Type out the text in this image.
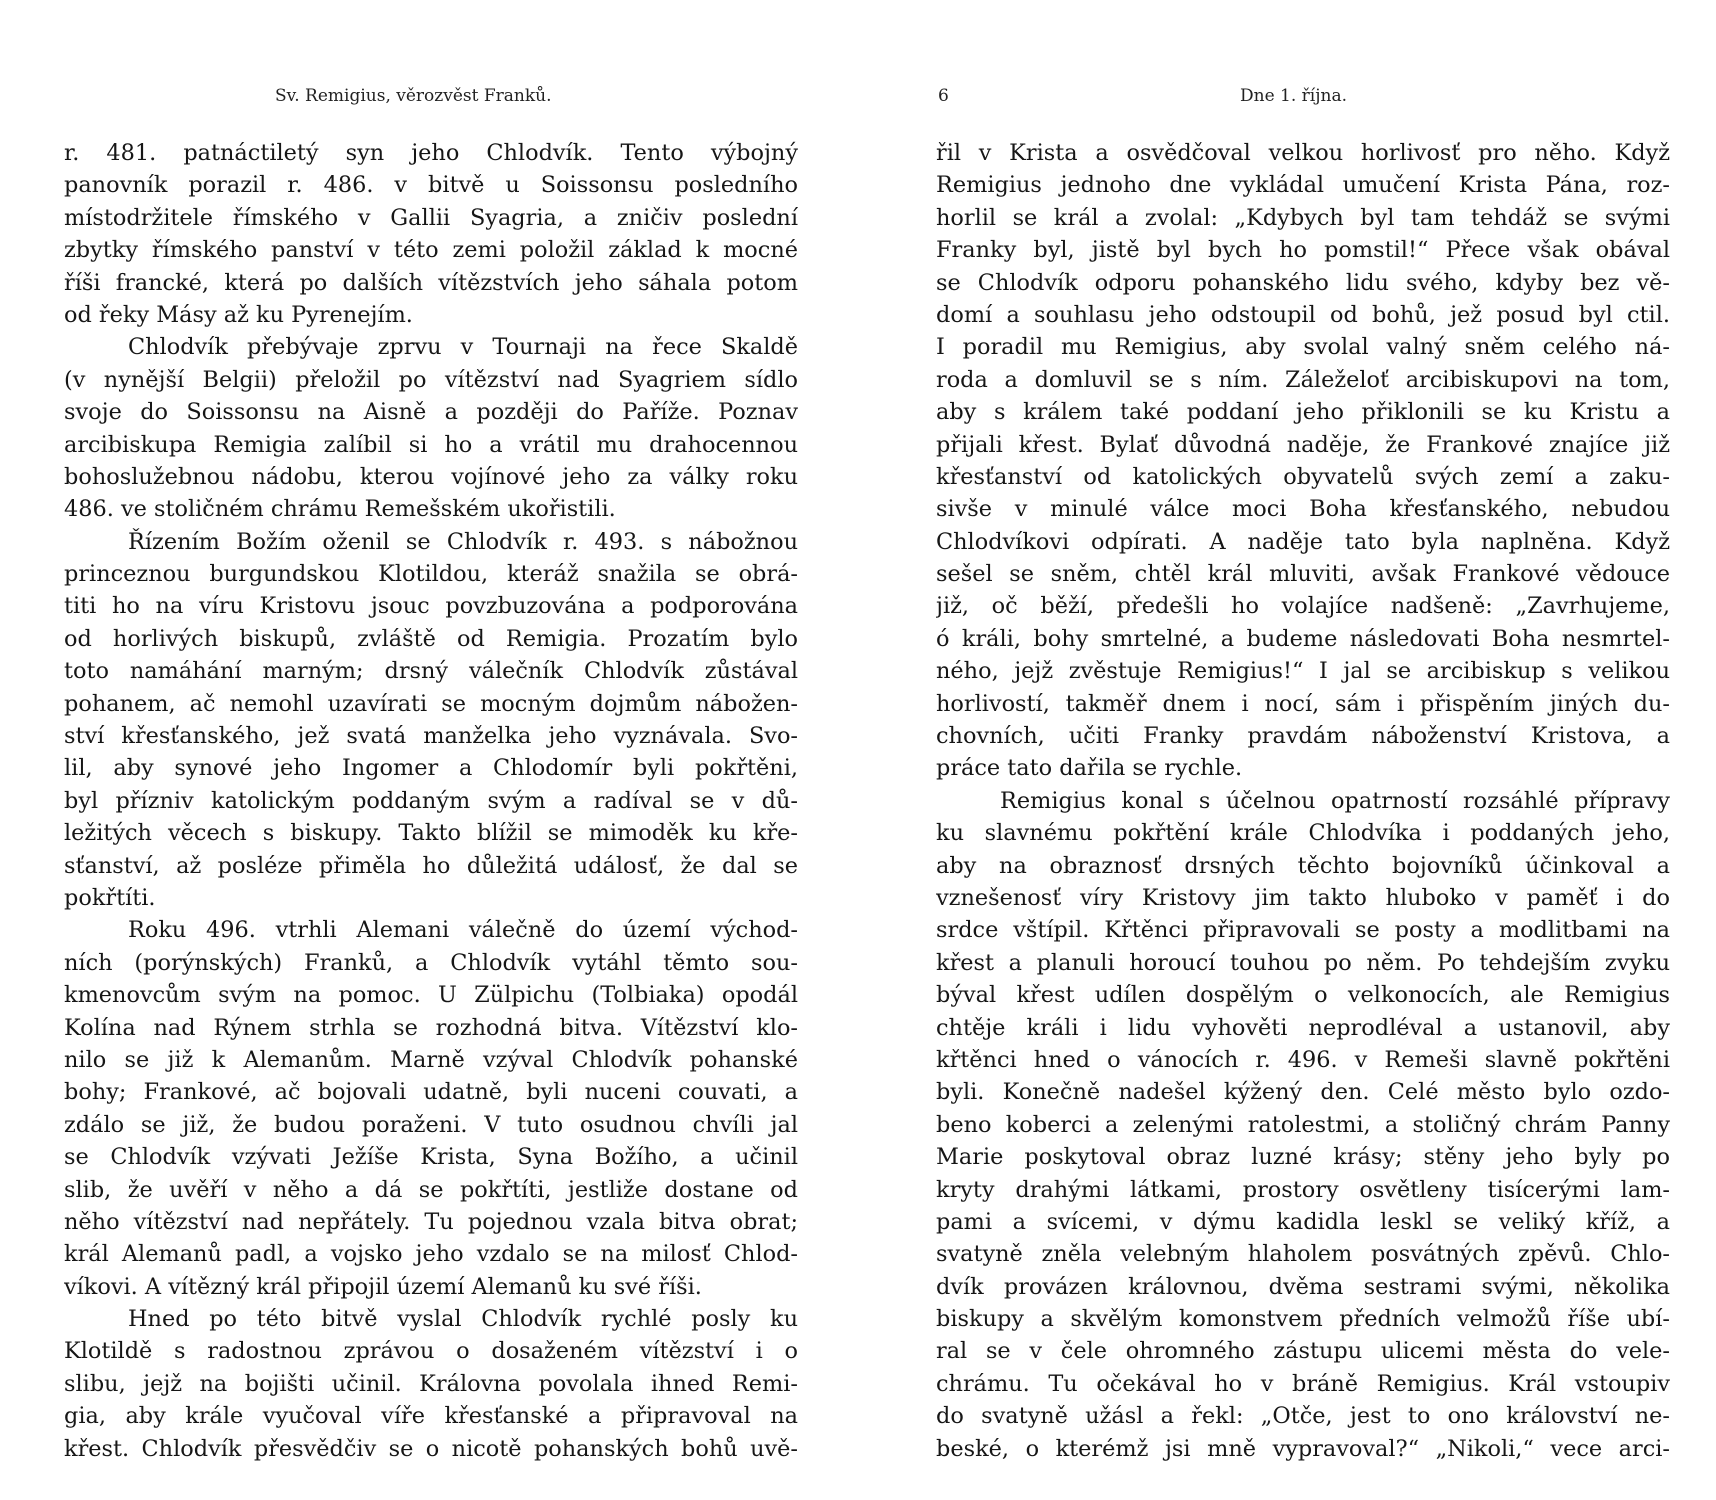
Sv. Remigius, věrozvěst Franků.
r. 481. patnáctiletý syn jeho Chlodvík. Tento výbojný
panovník porazil r. 486. v bitvě u Soissonsu posledního
místodržitele římského v Gallii Syagria, a zničiv poslední
zbytky římského panství v této zemi položil základ k mocné
říši francké, která po dalších vítězstvích jeho sáhala potom
od řeky Másy až ku Pyrenejím.
Chlodvík přebývaje zprvu v Tournaji na řece Skaldě
(v nynější Belgii) přeložil po vítězství nad Syagriem sídlo
svoje do Soissonsu na Aisně a později do Paříže. Poznav
arcibiskupa Remigia zalíbil si ho a vrátil mu drahocennou
bohoslužebnou nádobu, kterou vojínové jeho za války roku
486. ve stoličném chrámu Remešském ukořistili.
Řízením Božím oženil se Chlodvík r. 493. s nábožnou
princeznou burgundskou Klotildou, kteráž snažila se obrá-
titi ho na víru Kristovu jsouc povzbuzována a podporována
od horlivých biskupů, zvláště od Remigia. Prozatím bylo
toto namáhání marným; drsný válečník Chlodvík zůstával
pohanem, ač nemohl uzavírati se mocným dojmům nábožen-
ství křesťanského, jež svatá manželka jeho vyznávala. Svo-
lil, aby synové jeho Ingomer a Chlodomír byli pokřtěni,
byl přízniv katolickým poddaným svým a radíval se v dů-
ležitých věcech s biskupy. Takto blížil se mimoděk ku kře-
sťanství, až posléze přiměla ho důležitá událosť, že dal se
pokřtíti.
Roku 496. vtrhli Alemani válečně do území východ-
ních (porýnských) Franků, a Chlodvík vytáhl těmto sou-
kmenovcům svým na pomoc. U Zülpichu (Tolbiaka) opodál
Kolína nad Rýnem strhla se rozhodná bitva. Vítězství klo-
nilo se již k Alemanům. Marně vzýval Chlodvík pohanské
bohy; Frankové, ač bojovali udatně, byli nuceni couvati, a
zdálo se již, že budou poraženi. V tuto osudnou chvíli jal
se Chlodvík vzývati Ježíše Krista, Syna Božího, a učinil
slib, že uvěří v něho a dá se pokřtíti, jestliže dostane od
něho vítězství nad nepřátely. Tu pojednou vzala bitva obrat;
král Alemanů padl, a vojsko jeho vzdalo se na milosť Chlod-
víkovi. A vítězný král připojil území Alemanů ku své říši.
Hned po této bitvě vyslal Chlodvík rychlé posly ku
Klotildě s radostnou zprávou o dosaženém vítězství i o
slibu, jejž na bojišti učinil. Královna povolala ihned Remi-
gia, aby krále vyučoval víře křesťanské a připravoval na
křest. Chlodvík přesvědčiv se o nicotě pohanských bohů uvě-
6	Dne 1. října.
řil v Krista a osvědčoval velkou horlivosť pro něho. Když
Remigius jednoho dne vykládal umučení Krista Pána, roz-
horlil se král a zvolal: „Kdybych byl tam tehdáž se svými
Franky byl, jistě byl bych ho pomstil!“ Přece však obával
se Chlodvík odporu pohanského lidu svého, kdyby bez vě-
domí a souhlasu jeho odstoupil od bohů, jež posud byl ctil.
I poradil mu Remigius, aby svolal valný sněm celého ná-
roda a domluvil se s ním. Záleželoť arcibiskupovi na tom,
aby s králem také poddaní jeho přiklonili se ku Kristu a
přijali křest. Bylať důvodná naděje, že Frankové znajíce již
křesťanství od katolických obyvatelů svých zemí a zaku-
sivše v minulé válce moci Boha křesťanského, nebudou
Chlodvíkovi odpírati. A naděje tato byla naplněna. Když
sešel se sněm, chtěl král mluviti, avšak Frankové vědouce
již, oč běží, předešli ho volajíce nadšeně: „Zavrhujeme,
ó králi, bohy smrtelné, a budeme následovati Boha nesmrtel-
ného, jejž zvěstuje Remigius!“ I jal se arcibiskup s velikou
horlivostí, takměř dnem i nocí, sám i přispěním jiných du-
chovních, učiti Franky pravdám náboženství Kristova, a
práce tato dařila se rychle.
Remigius konal s účelnou opatrností rozsáhlé přípravy
ku slavnému pokřtění krále Chlodvíka i poddaných jeho,
aby na obraznosť drsných těchto bojovníků účinkoval a
vznešenosť víry Kristovy jim takto hluboko v paměť i do
srdce vštípil. Křtěnci připravovali se posty a modlitbami na
křest a planuli horoucí touhou po něm. Po tehdejším zvyku
býval křest udílen dospělým o velkonocích, ale Remigius
chtěje králi i lidu vyhověti neprodléval a ustanovil, aby
křtěnci hned o vánocích r. 496. v Remeši slavně pokřtěni
byli. Konečně nadešel kýžený den. Celé město bylo ozdo-
beno koberci a zelenými ratolestmi, a stoličný chrám Panny
Marie poskytoval obraz luzné krásy; stěny jeho byly po
kryty drahými látkami, prostory osvětleny tisícerými lam-
pami a svícemi, v dýmu kadidla leskl se veliký kříž, a
svatyně zněla velebným hlaholem posvátných zpěvů. Chlo-
dvík provázen královnou, dvěma sestrami svými, několika
biskupy a skvělým komonstvem předních velmožů říše ubí-
ral se v čele ohromného zástupu ulicemi města do vele-
chrámu. Tu očekával ho v bráně Remigius. Král vstoupiv
do svatyně užásl a řekl: „Otče, jest to ono království ne-
beské, o kterémž jsi mně vypravoval?“ „Nikoli,“ vece arci-
